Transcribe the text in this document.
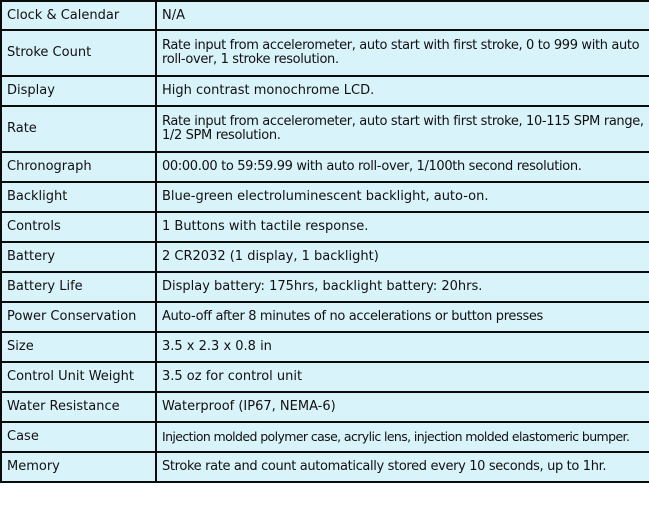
Clock & Calendar	N/A
Stroke Count	Rate input from accelerometer, auto start with first stroke, 0 to 999 with auto roll-over, 1 stroke resolution.
Display	High contrast monochrome LCD.
Rate	Rate input from accelerometer, auto start with first stroke, 10-115 SPM range, 1/2 SPM resolution.
Chronograph	00:00.00 to 59:59.99 with auto roll-over, 1/100th second resolution.
Backlight	Blue-green electroluminescent backlight, auto-on.
Controls	1 Buttons with tactile response.
Battery	2 CR2032 (1 display, 1 backlight)
Battery Life	Display battery: 175hrs, backlight battery: 20hrs.
Power Conservation	Auto-off after 8 minutes of no accelerations or button presses
Size	3.5 x 2.3 x 0.8 in
Control Unit Weight	3.5 oz for control unit
Water Resistance	Waterproof (IP67, NEMA-6)
Case	Injection molded polymer case, acrylic lens, injection molded elastomeric bumper.
Memory	Stroke rate and count automatically stored every 10 seconds, up to 1hr.
